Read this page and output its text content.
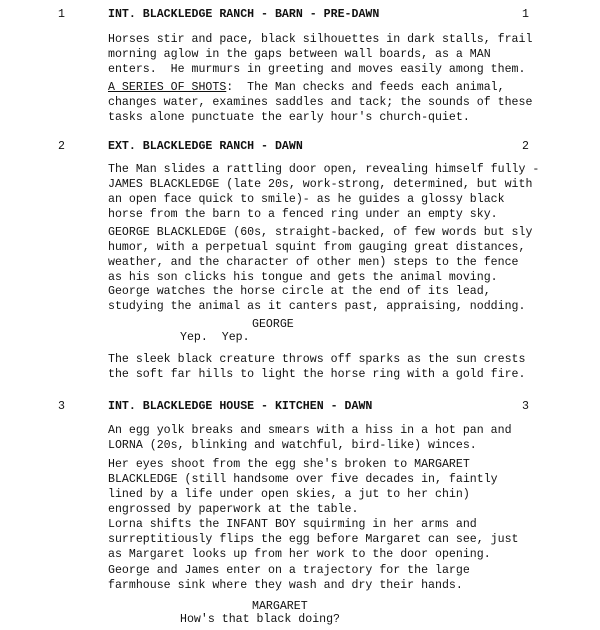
1	INT. BLACKLEDGE RANCH - BARN - PRE-DAWN	1

Horses stir and pace, black silhouettes in dark stalls, frail
morning aglow in the gaps between wall boards, as a MAN
enters.  He murmurs in greeting and moves easily among them.

A SERIES OF SHOTS:  The Man checks and feeds each animal,
changes water, examines saddles and tack; the sounds of these
tasks alone punctuate the early hour's church-quiet.

2	EXT. BLACKLEDGE RANCH - DAWN	2

The Man slides a rattling door open, revealing himself fully -
JAMES BLACKLEDGE (late 20s, work-strong, determined, but with
an open face quick to smile)- as he guides a glossy black
horse from the barn to a fenced ring under an empty sky.

GEORGE BLACKLEDGE (60s, straight-backed, of few words but sly
humor, with a perpetual squint from gauging great distances,
weather, and the character of other men) steps to the fence
as his son clicks his tongue and gets the animal moving.

George watches the horse circle at the end of its lead,
studying the animal as it canters past, appraising, nodding.

GEORGE
Yep.  Yep.

The sleek black creature throws off sparks as the sun crests
the soft far hills to light the horse ring with a gold fire.

3	INT. BLACKLEDGE HOUSE - KITCHEN - DAWN	3

An egg yolk breaks and smears with a hiss in a hot pan and
LORNA (20s, blinking and watchful, bird-like) winces.

Her eyes shoot from the egg she's broken to MARGARET
BLACKLEDGE (still handsome over five decades in, faintly
lined by a life under open skies, a jut to her chin)
engrossed by paperwork at the table.

Lorna shifts the INFANT BOY squirming in her arms and
surreptitiously flips the egg before Margaret can see, just
as Margaret looks up from her work to the door opening.

George and James enter on a trajectory for the large
farmhouse sink where they wash and dry their hands.

MARGARET
How's that black doing?
